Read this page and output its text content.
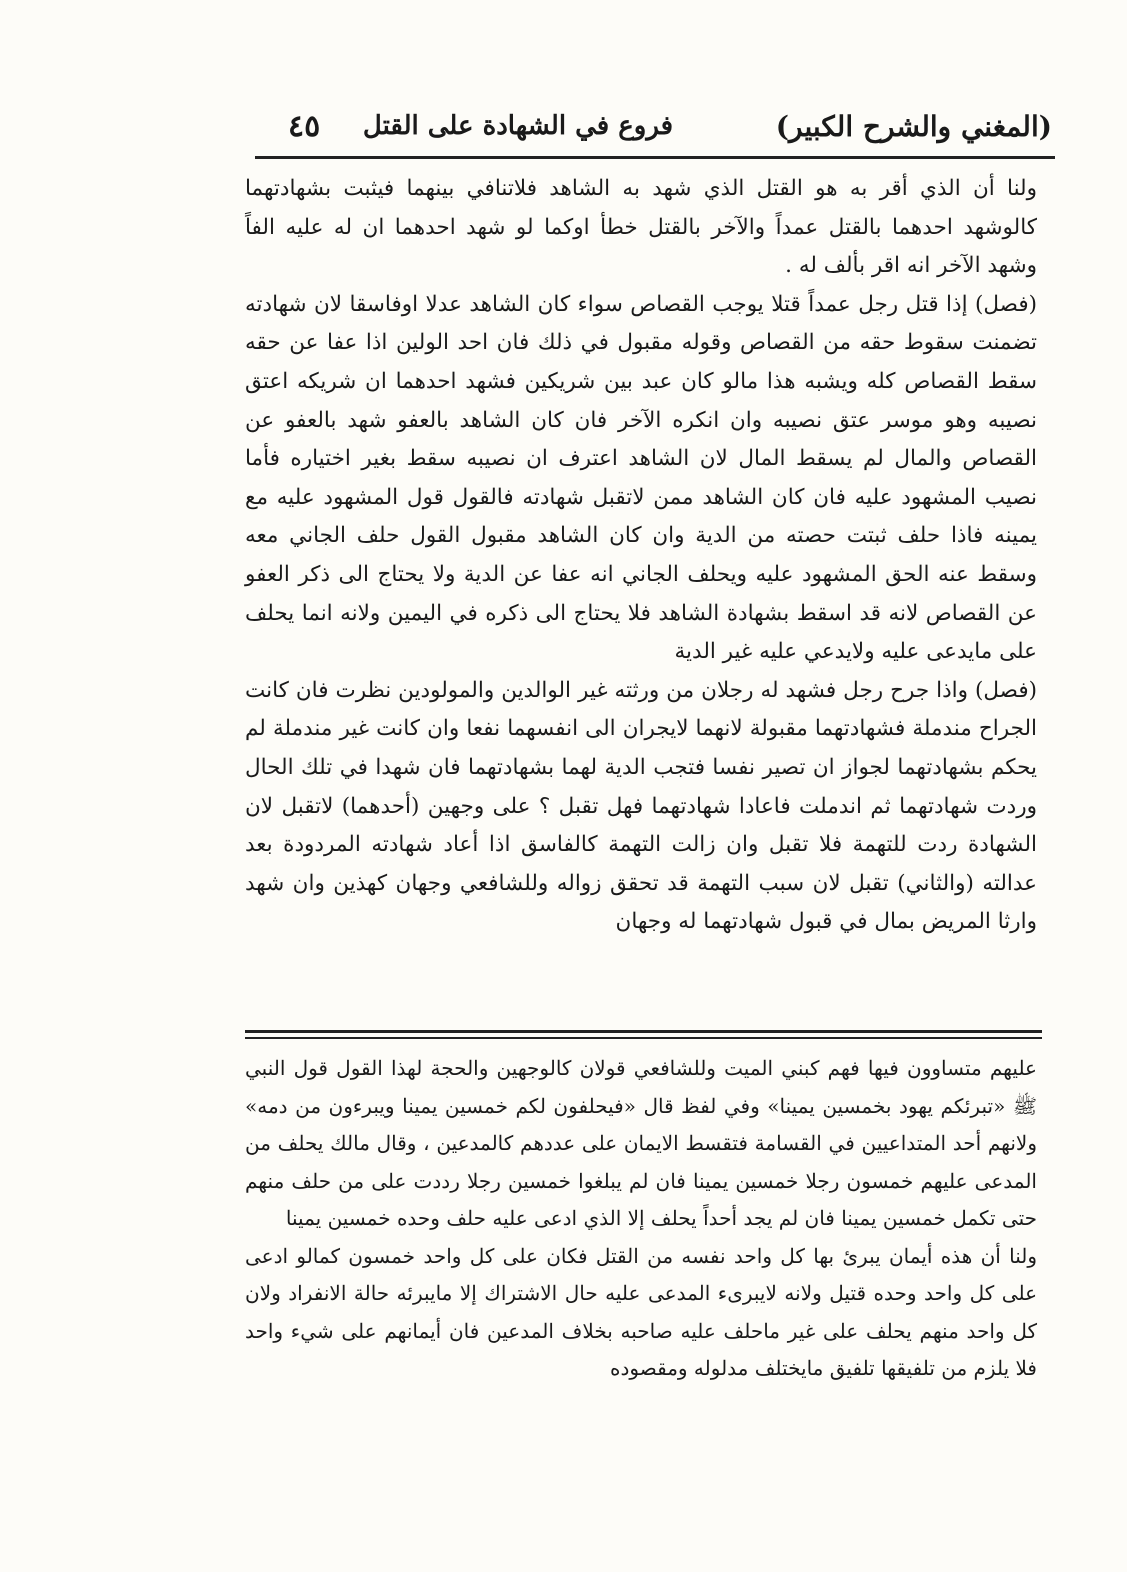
(المغني والشرح الكبير)
فروع في الشهادة على القتل
٤٥

ولنا أن الذي أقر به هو القتل الذي شهد به الشاهد فلاتنافي بينهما فيثبت بشهادتهما كالوشهد احدهما بالقتل عمداً والآخر بالقتل خطأ اوكما لو شهد احدهما ان له عليه الفاً وشهد الآخر انه اقر بألف له .

(فصل) إذا قتل رجل عمداً قتلا يوجب القصاص سواء كان الشاهد عدلا اوفاسقا لان شهادته تضمنت سقوط حقه من القصاص وقوله مقبول في ذلك فان احد الولين اذا عفا عن حقه سقط القصاص كله ويشبه هذا مالو كان عبد بين شريكين فشهد احدهما ان شريكه اعتق نصيبه وهو موسر عتق نصيبه وان انكره الآخر فان كان الشاهد بالعفو شهد بالعفو عن القصاص والمال لم يسقط المال لان الشاهد اعترف ان نصيبه سقط بغير اختياره فأما نصيب المشهود عليه فان كان الشاهد ممن لاتقبل شهادته فالقول قول المشهود عليه مع يمينه فاذا حلف ثبتت حصته من الدية وان كان الشاهد مقبول القول حلف الجاني معه وسقط عنه الحق المشهود عليه ويحلف الجاني انه عفا عن الدية ولا يحتاج الى ذكر العفو عن القصاص لانه قد اسقط بشهادة الشاهد فلا يحتاج الى ذكره في اليمين ولانه انما يحلف على مايدعى عليه ولايدعي عليه غير الدية

(فصل) واذا جرح رجل فشهد له رجلان من ورثته غير الوالدين والمولودين نظرت فان كانت الجراح مندملة فشهادتهما مقبولة لانهما لايجران الى انفسهما نفعا وان كانت غير مندملة لم يحكم بشهادتهما لجواز ان تصير نفسا فتجب الدية لهما بشهادتهما فان شهدا في تلك الحال وردت شهادتهما ثم اندملت فاعادا شهادتهما فهل تقبل ؟ على وجهين (أحدهما) لاتقبل لان الشهادة ردت للتهمة فلا تقبل وان زالت التهمة كالفاسق اذا أعاد شهادته المردودة بعد عدالته (والثاني) تقبل لان سبب التهمة قد تحقق زواله وللشافعي وجهان كهذين وان شهد وارثا المريض بمال في قبول شهادتهما له وجهان

عليهم متساوون فيها فهم كبني الميت وللشافعي قولان كالوجهين والحجة لهذا القول قول النبي ﷺ «تبرئكم يهود بخمسين يمينا» وفي لفظ قال «فيحلفون لكم خمسين يمينا ويبرءون من دمه» ولانهم أحد المتداعيين في القسامة فتقسط الايمان على عددهم كالمدعين ، وقال مالك يحلف من المدعى عليهم خمسون رجلا خمسين يمينا فان لم يبلغوا خمسين رجلا رددت على من حلف منهم حتى تكمل خمسين يمينا فان لم يجد أحداً يحلف إلا الذي ادعى عليه حلف وحده خمسين يمينا

ولنا أن هذه أيمان يبرئ بها كل واحد نفسه من القتل فكان على كل واحد خمسون كمالو ادعى على كل واحد وحده قتيل ولانه لايبرىء المدعى عليه حال الاشتراك إلا مايبرئه حالة الانفراد ولان كل واحد منهم يحلف على غير ماحلف عليه صاحبه بخلاف المدعين فان أيمانهم على شيء واحد فلا يلزم من تلفيقها تلفيق مايختلف مدلوله ومقصوده
